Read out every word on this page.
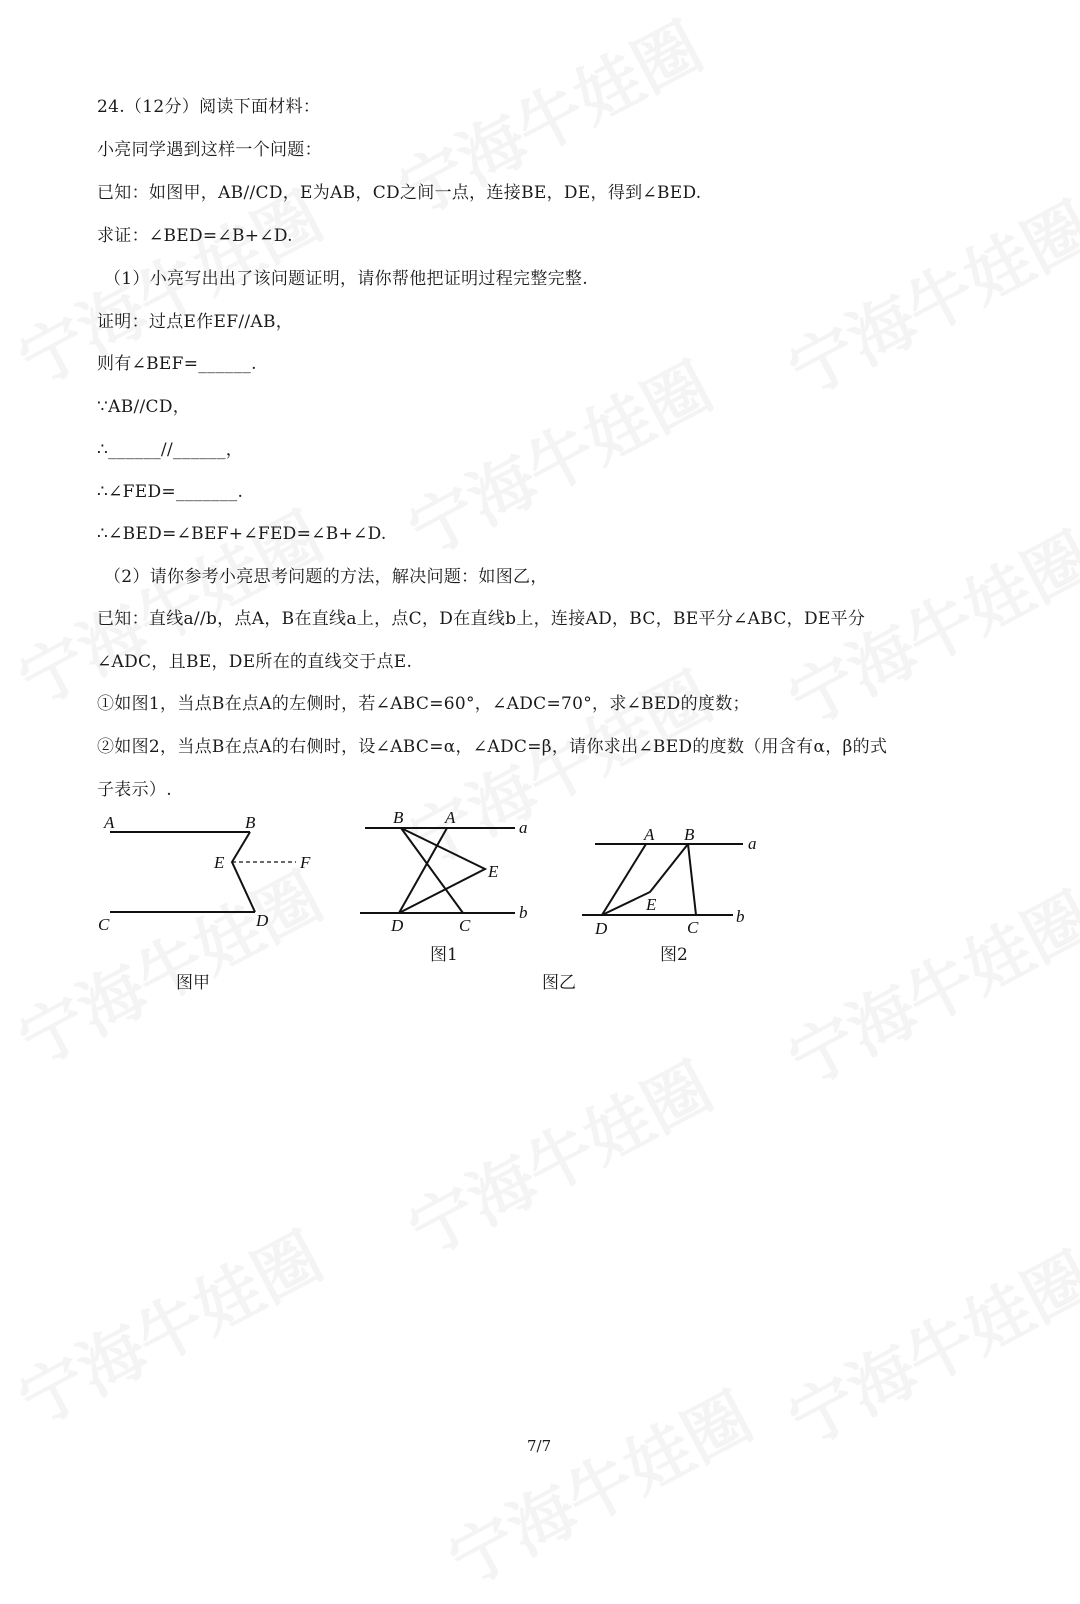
24.（12分）阅读下面材料：
小亮同学遇到这样一个问题：
已知：如图甲，AB//CD，E为AB，CD之间一点，连接BE，DE，得到∠BED.
求证：∠BED=∠B+∠D.
（1）小亮写出出了该问题证明，请你帮他把证明过程完整完整.
证明：过点E作EF//AB，
则有∠BEF=______.
∵AB//CD，
∴______//______，
∴∠FED=_______.
∴∠BED=∠BEF+∠FED=∠B+∠D.
（2）请你参考小亮思考问题的方法，解决问题：如图乙，
已知：直线a//b，点A，B在直线a上，点C，D在直线b上，连接AD，BC，BE平分∠ABC，DE平分
∠ADC，且BE，DE所在的直线交于点E.
①如图1，当点B在点A的左侧时，若∠ABC=60°，∠ADC=70°，求∠BED的度数；
②如图2，当点B在点A的右侧时，设∠ABC=α，∠ADC=β，请你求出∠BED的度数（用含有α，β的式
子表示）.
A	B
E	F
C	D
图甲
B A
a
E
D	C
b
图1
A B	a
E
D	C
b
图2
图乙
7/7
